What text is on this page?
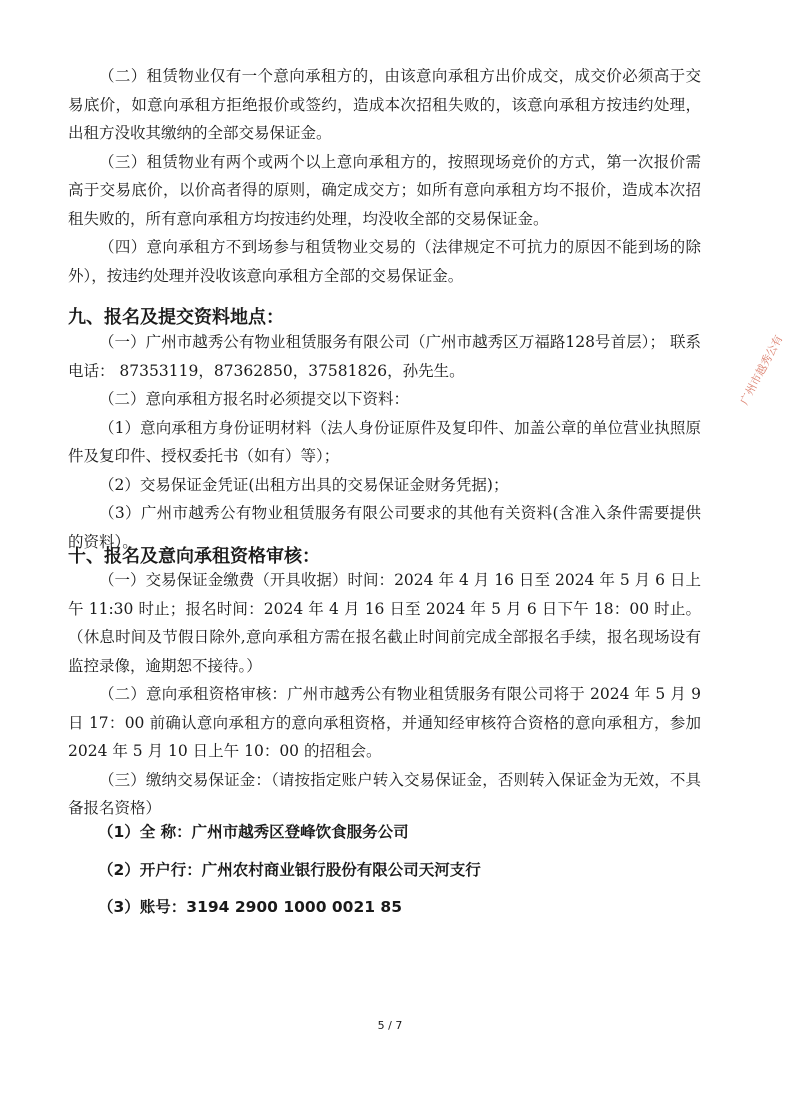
（二）租赁物业仅有一个意向承租方的，由该意向承租方出价成交，成交价必须高于交易底价，如意向承租方拒绝报价或签约，造成本次招租失败的，该意向承租方按违约处理，出租方没收其缴纳的全部交易保证金。

（三）租赁物业有两个或两个以上意向承租方的，按照现场竞价的方式，第一次报价需高于交易底价，以价高者得的原则，确定成交方；如所有意向承租方均不报价，造成本次招租失败的，所有意向承租方均按违约处理，均没收全部的交易保证金。

（四）意向承租方不到场参与租赁物业交易的（法律规定不可抗力的原因不能到场的除外），按违约处理并没收该意向承租方全部的交易保证金。

九、报名及提交资料地点：

（一）广州市越秀公有物业租赁服务有限公司（广州市越秀区万福路128号首层）； 联系电话： 87353119，87362850，37581826，孙先生。

（二）意向承租方报名时必须提交以下资料：

（1）意向承租方身份证明材料（法人身份证原件及复印件、加盖公章的单位营业执照原件及复印件、授权委托书（如有）等）；

（2）交易保证金凭证(出租方出具的交易保证金财务凭据)；

（3）广州市越秀公有物业租赁服务有限公司要求的其他有关资料(含准入条件需要提供的资料）。

十、报名及意向承租资格审核：

（一）交易保证金缴费（开具收据）时间：2024 年 4 月 16 日至 2024 年 5 月 6 日上午 11:30 时止；报名时间：2024 年 4 月 16 日至 2024 年 5 月 6 日下午 18：00 时止。（休息时间及节假日除外,意向承租方需在报名截止时间前完成全部报名手续，报名现场设有监控录像，逾期恕不接待。）

（二）意向承租资格审核：广州市越秀公有物业租赁服务有限公司将于 2024 年 5 月 9 日 17：00 前确认意向承租方的意向承租资格，并通知经审核符合资格的意向承租方，参加 2024 年 5 月 10 日上午 10：00 的招租会。

（三）缴纳交易保证金：（请按指定账户转入交易保证金，否则转入保证金为无效，不具备报名资格）

（1）全 称：广州市越秀区登峰饮食服务公司
（2）开户行：广州农村商业银行股份有限公司天河支行
（3）账号：3194 2900 1000 0021 85
广州市越秀公有
5 / 7
